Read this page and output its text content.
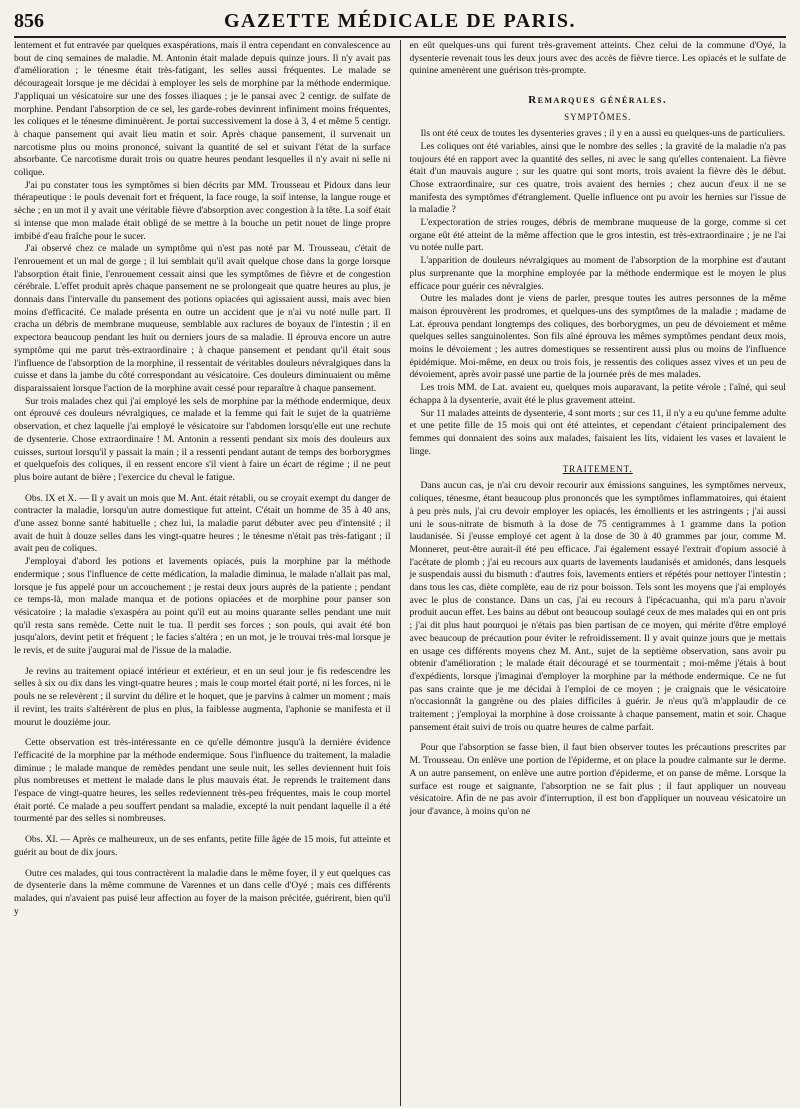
856	GAZETTE MÉDICALE DE PARIS.

lentement et fut entravée par quelques exaspérations, mais il entra cependant en convalescence au bout de cinq semaines de maladie. M. Antonin était malade depuis quinze jours. Il n'y avait pas d'amélioration ; le ténesme était très-fatigant, les selles aussi fréquentes. Le malade se décourageait lorsque je me décidai à employer les sels de morphine par la méthode endermique. J'appliquai un vésicatoire sur une des fosses iliaques ; je le pansai avec 2 centigr. de sulfate de morphine. Pendant l'absorption de ce sel, les garde-robes devinrent infiniment moins fréquentes, les coliques et le ténesme diminuèrent. Je portai successivement la dose à 3, 4 et même 5 centigr. à chaque pansement qui avait lieu matin et soir. Après chaque pansement, il survenait un narcotisme plus ou moins prononcé, suivant la quantité de sel et suivant l'état de la surface absorbante. Ce narcotisme durait trois ou quatre heures pendant lesquelles il n'y avait ni selle ni colique.

J'ai pu constater tous les symptômes si bien décrits par MM. Trousseau et Pidoux dans leur thérapeutique : le pouls devenait fort et fréquent, la face rouge, la soif intense, la langue rouge et sèche ; en un mot il y avait une véritable fièvre d'absorption avec congestion à la tête. La soif était si intense que mon malade était obligé de se mettre à la bouche un petit nouet de linge propre imbibé d'eau fraîche pour le sucer.

J'ai observé chez ce malade un symptôme qui n'est pas noté par M. Trousseau, c'était de l'enrouement et un mal de gorge ; il lui semblait qu'il avait quelque chose dans la gorge lorsque l'absorption était finie, l'enrouement cessait ainsi que les symptômes de fièvre et de congestion cérébrale. L'effet produit après chaque pansement ne se prolongeait que quatre heures au plus, je donnais dans l'intervalle du pansement des potions opiacées qui agissaient aussi, mais avec bien moins d'efficacité. Ce malade présenta en outre un accident que je n'ai vu noté nulle part. Il cracha un débris de membrane muqueuse, semblable aux raclures de boyaux de l'intestin ; il en expectora beaucoup pendant les huit ou derniers jours de sa maladie. Il éprouva encore un autre symptôme qui me parut très-extraordinaire ; à chaque pansement et pendant qu'il était sous l'influence de l'absorption de la morphine, il ressentait de véritables douleurs névralgiques dans la cuisse et dans la jambe du côté correspondant au vésicatoire. Ces douleurs diminuaient ou même disparaissaient lorsque l'action de la morphine avait cessé pour reparaître à chaque pansement.

Sur trois malades chez qui j'ai employé les sels de morphine par la méthode endermique, deux ont éprouvé ces douleurs névralgiques, ce malade et la femme qui fait le sujet de la quatrième observation, et chez laquelle j'ai employé le vésicatoire sur l'abdomen lorsqu'elle eut une rechute de dysenterie. Chose extraordinaire ! M. Antonin a ressenti pendant six mois des douleurs aux cuisses, surtout lorsqu'il y passait la main ; il a ressenti pendant autant de temps des borborygmes et quelquefois des coliques, il en ressent encore s'il vient à faire un écart de régime ; il ne peut plus boire autant de bière ; l'exercice du cheval le fatigue.

Obs. IX et X. — Il y avait un mois que M. Ant. était rétabli, ou se croyait exempt du danger de contracter la maladie, lorsqu'un autre domestique fut atteint. C'était un homme de 35 à 40 ans, d'une assez bonne santé habituelle ; chez lui, la maladie parut débuter avec peu d'intensité ; il avait de huit à douze selles dans les vingt-quatre heures ; le ténesme n'était pas très-fatigant ; il avait peu de coliques.

J'employai d'abord les potions et lavements opiacés, puis la morphine par la méthode endermique ; sous l'influence de cette médication, la maladie diminua, le malade n'allait pas mal, lorsque je fus appelé pour un accouchement ; je restai deux jours auprès de la patiente ; pendant ce temps-là, mon malade manqua et de potions opiacées et de morphine pour panser son vésicatoire ; la maladie s'exaspéra au point qu'il eut au moins quarante selles pendant une nuit qu'il resta sans remède. Cette nuit le tua. Il perdit ses forces ; son pouls, qui avait été bon jusqu'alors, devint petit et fréquent ; le facies s'altéra ; en un mot, je le trouvai très-mal lorsque je le revis, et de suite j'augurai mal de l'issue de la maladie.

Je revins au traitement opiacé intérieur et extérieur, et en un seul jour je fis redescendre les selles à six ou dix dans les vingt-quatre heures ; mais le coup mortel était porté, ni les forces, ni le pouls ne se relevèrent ; il survint du délire et le hoquet, que je parvins à calmer un moment ; mais il revint, les traits s'altérèrent de plus en plus, la faiblesse augmenta, l'aphonie se manifesta et il mourut le douzième jour.

Cette observation est très-intéressante en ce qu'elle démontre jusqu'à la dernière évidence l'efficacité de la morphine par la méthode endermique. Sous l'influence du traitement, la maladie diminue ; le malade manque de remèdes pendant une seule nuit, les selles deviennent huit fois plus nombreuses et mettent le malade dans le plus mauvais état. Je reprends le traitement dans l'espace de vingt-quatre heures, les selles redeviennent très-peu fréquentes, mais le coup mortel était porté. Ce malade a peu souffert pendant sa maladie, excepté la nuit pendant laquelle il a été tourmenté par des selles si nombreuses.

Obs. XI. — Après ce malheureux, un de ses enfants, petite fille âgée de 15 mois, fut atteinte et guérit au bout de dix jours.

Outre ces malades, qui tous contractèrent la maladie dans le même foyer, il y eut quelques cas de dysenterie dans la même commune de Varennes et un dans celle d'Oyé ; mais ces différents malades, qui n'avaient pas puisé leur affection au foyer de la maison précitée, guérirent, bien qu'il y

en eût quelques-uns qui furent très-gravement atteints. Chez celui de la commune d'Oyé, la dysenterie revenait tous les deux jours avec des accès de fièvre tierce. Les opiacés et le sulfate de quinine amenèrent une guérison très-prompte.

Remarques générales.
SYMPTÔMES.

Ils ont été ceux de toutes les dysenteries graves ; il y en a aussi eu quelques-uns de particuliers.

Les coliques ont été variables, ainsi que le nombre des selles ; la gravité de la maladie n'a pas toujours été en rapport avec la quantité des selles, ni avec le sang qu'elles contenaient. La fièvre était d'un mauvais augure ; sur les quatre qui sont morts, trois avaient la fièvre dès le début. Chose extraordinaire, sur ces quatre, trois avaient des hernies ; chez aucun d'eux il ne se manifesta des symptômes d'étranglement. Quelle influence ont pu avoir les hernies sur l'issue de la maladie ?

L'expectoration de stries rouges, débris de membrane muqueuse de la gorge, comme si cet organe eût été atteint de la même affection que le gros intestin, est très-extraordinaire ; je ne l'ai vu notée nulle part.

L'apparition de douleurs névralgiques au moment de l'absorption de la morphine est d'autant plus surprenante que la morphine employée par la méthode endermique est le moyen le plus efficace pour guérir ces névralgies.

Outre les malades dont je viens de parler, presque toutes les autres personnes de la même maison éprouvèrent les prodromes, et quelques-uns des symptômes de la maladie ; madame de Lat. éprouva pendant longtemps des coliques, des borborygmes, un peu de dévoiement et même quelques selles sanguinolentes. Son fils aîné éprouva les mêmes symptômes pendant deux mois, moins le dévoiement ; les autres domestiques se ressentirent aussi plus ou moins de l'influence épidémique. Moi-même, en deux ou trois fois, je ressentis des coliques assez vives et un peu de dévoiement, après avoir passé une partie de la journée près de mes malades.

Les trois MM. de Lat. avaient eu, quelques mois auparavant, la petite vérole ; l'aîné, qui seul échappa à la dysenterie, avait été le plus gravement atteint.

Sur 11 malades atteints de dysenterie, 4 sont morts ; sur ces 11, il n'y a eu qu'une femme adulte et une petite fille de 15 mois qui ont été atteintes, et cependant c'étaient principalement des femmes qui donnaient des soins aux malades, faisaient les lits, vidaient les vases et lavaient le linge.

TRAITEMENT.

Dans aucun cas, je n'ai cru devoir recourir aux émissions sanguines, les symptômes nerveux, coliques, ténesme, étant beaucoup plus prononcés que les symptômes inflammatoires, qui étaient à peu près nuls, j'ai cru devoir employer les opiacés, les émollients et les astringents ; j'ai aussi uni le sous-nitrate de bismuth à la dose de 75 centigrammes à 1 gramme dans la potion laudanisée. Si j'eusse employé cet agent à la dose de 30 à 40 grammes par jour, comme M. Monneret, peut-être aurait-il été peu efficace. J'ai également essayé l'extrait d'opium associé à l'acétate de plomb ; j'ai eu recours aux quarts de lavements laudanisés et amidonés, dans lesquels je suspendais aussi du bismuth : d'autres fois, lavements entiers et répétés pour nettoyer l'intestin ; dans tous les cas, diète complète, eau de riz pour boisson. Tels sont les moyens que j'ai employés avec le plus de constance. Dans un cas, j'ai eu recours à l'ipécacuanha, qui m'a paru n'avoir produit aucun effet. Les bains au début ont beaucoup soulagé ceux de mes malades qui en ont pris ; j'ai dit plus haut pourquoi je n'étais pas bien partisan de ce moyen, qui mérite d'être employé avec beaucoup de précaution pour éviter le refroidissement. Il y avait quinze jours que je mettais en usage ces différents moyens chez M. Ant., sujet de la septième observation, sans avoir pu obtenir d'amélioration ; le malade était découragé et se tourmentait ; moi-même j'étais à bout d'expédients, lorsque j'imaginai d'employer la morphine par la méthode endermique. Ce ne fut pas sans crainte que je me décidai à l'emploi de ce moyen ; je craignais que le vésicatoire n'occasionnât la gangrène ou des plaies difficiles à guérir. Je n'eus qu'à m'applaudir de ce traitement ; j'employai la morphine à dose croissante à chaque pansement, matin et soir. Chaque pansement était suivi de trois ou quatre heures de calme parfait.

Pour que l'absorption se fasse bien, il faut bien observer toutes les précautions prescrites par M. Trousseau. On enlève une portion de l'épiderme, et on place la poudre calmante sur le derme. A un autre pansement, on enlève une autre portion d'épiderme, et on panse de même. Lorsque la surface est rouge et saignante, l'absorption ne se fait plus ; il faut appliquer un nouveau vésicatoire. Afin de ne pas avoir d'interruption, il est bon d'appliquer un nouveau vésicatoire un jour d'avance, à moins qu'on ne
